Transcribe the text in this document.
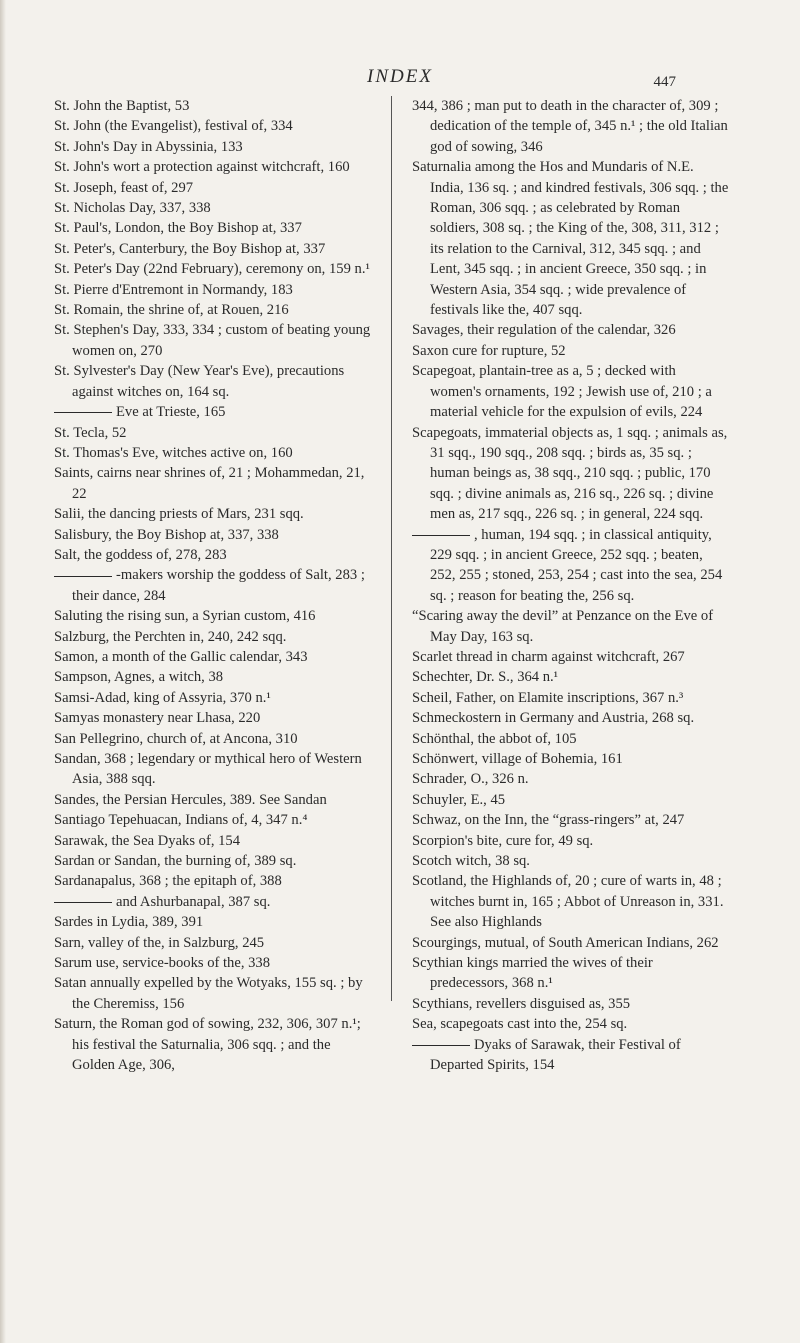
INDEX	447

St. John the Baptist, 53

St. John (the Evangelist), festival of, 334

St. John's Day in Abyssinia, 133

St. John's wort a protection against witchcraft, 160

St. Joseph, feast of, 297

St. Nicholas Day, 337, 338

St. Paul's, London, the Boy Bishop at, 337

St. Peter's, Canterbury, the Boy Bishop at, 337

St. Peter's Day (22nd February), ceremony on, 159 n.¹

St. Pierre d'Entremont in Normandy, 183

St. Romain, the shrine of, at Rouen, 216

St. Stephen's Day, 333, 334 ; custom of beating young women on, 270

St. Sylvester's Day (New Year's Eve), precautions against witches on, 164 sq.

Eve at Trieste, 165

St. Tecla, 52

St. Thomas's Eve, witches active on, 160

Saints, cairns near shrines of, 21 ; Mohammedan, 21, 22

Salii, the dancing priests of Mars, 231 sqq.

Salisbury, the Boy Bishop at, 337, 338

Salt, the goddess of, 278, 283

-makers worship the goddess of Salt, 283 ; their dance, 284

Saluting the rising sun, a Syrian custom, 416

Salzburg, the Perchten in, 240, 242 sqq.

Samon, a month of the Gallic calendar, 343

Sampson, Agnes, a witch, 38

Samsi-Adad, king of Assyria, 370 n.¹

Samyas monastery near Lhasa, 220

San Pellegrino, church of, at Ancona, 310

Sandan, 368 ; legendary or mythical hero of Western Asia, 388 sqq.

Sandes, the Persian Hercules, 389. See Sandan

Santiago Tepehuacan, Indians of, 4, 347 n.⁴

Sarawak, the Sea Dyaks of, 154

Sardan or Sandan, the burning of, 389 sq.

Sardanapalus, 368 ; the epitaph of, 388

and Ashurbanapal, 387 sq.

Sardes in Lydia, 389, 391

Sarn, valley of the, in Salzburg, 245

Sarum use, service-books of the, 338

Satan annually expelled by the Wotyaks, 155 sq. ; by the Cheremiss, 156

Saturn, the Roman god of sowing, 232, 306, 307 n.¹; his festival the Saturnalia, 306 sqq. ; and the Golden Age, 306,

344, 386 ; man put to death in the character of, 309 ; dedication of the temple of, 345 n.¹ ; the old Italian god of sowing, 346

Saturnalia among the Hos and Mundaris of N.E. India, 136 sq. ; and kindred festivals, 306 sqq. ; the Roman, 306 sqq. ; as celebrated by Roman soldiers, 308 sq. ; the King of the, 308, 311, 312 ; its relation to the Carnival, 312, 345 sqq. ; and Lent, 345 sqq. ; in ancient Greece, 350 sqq. ; in Western Asia, 354 sqq. ; wide prevalence of festivals like the, 407 sqq.

Savages, their regulation of the calendar, 326

Saxon cure for rupture, 52

Scapegoat, plantain-tree as a, 5 ; decked with women's ornaments, 192 ; Jewish use of, 210 ; a material vehicle for the expulsion of evils, 224

Scapegoats, immaterial objects as, 1 sqq. ; animals as, 31 sqq., 190 sqq., 208 sqq. ; birds as, 35 sq. ; human beings as, 38 sqq., 210 sqq. ; public, 170 sqq. ; divine animals as, 216 sq., 226 sq. ; divine men as, 217 sqq., 226 sq. ; in general, 224 sqq.

, human, 194 sqq. ; in classical antiquity, 229 sqq. ; in ancient Greece, 252 sqq. ; beaten, 252, 255 ; stoned, 253, 254 ; cast into the sea, 254 sq. ; reason for beating the, 256 sq.

“Scaring away the devil” at Penzance on the Eve of May Day, 163 sq.

Scarlet thread in charm against witchcraft, 267

Schechter, Dr. S., 364 n.¹

Scheil, Father, on Elamite inscriptions, 367 n.³

Schmeckostern in Germany and Austria, 268 sq.

Schönthal, the abbot of, 105

Schönwert, village of Bohemia, 161

Schrader, O., 326 n.

Schuyler, E., 45

Schwaz, on the Inn, the “grass-ringers” at, 247

Scorpion's bite, cure for, 49 sq.

Scotch witch, 38 sq.

Scotland, the Highlands of, 20 ; cure of warts in, 48 ; witches burnt in, 165 ; Abbot of Unreason in, 331. See also Highlands

Scourgings, mutual, of South American Indians, 262

Scythian kings married the wives of their predecessors, 368 n.¹

Scythians, revellers disguised as, 355

Sea, scapegoats cast into the, 254 sq.

Dyaks of Sarawak, their Festival of Departed Spirits, 154
